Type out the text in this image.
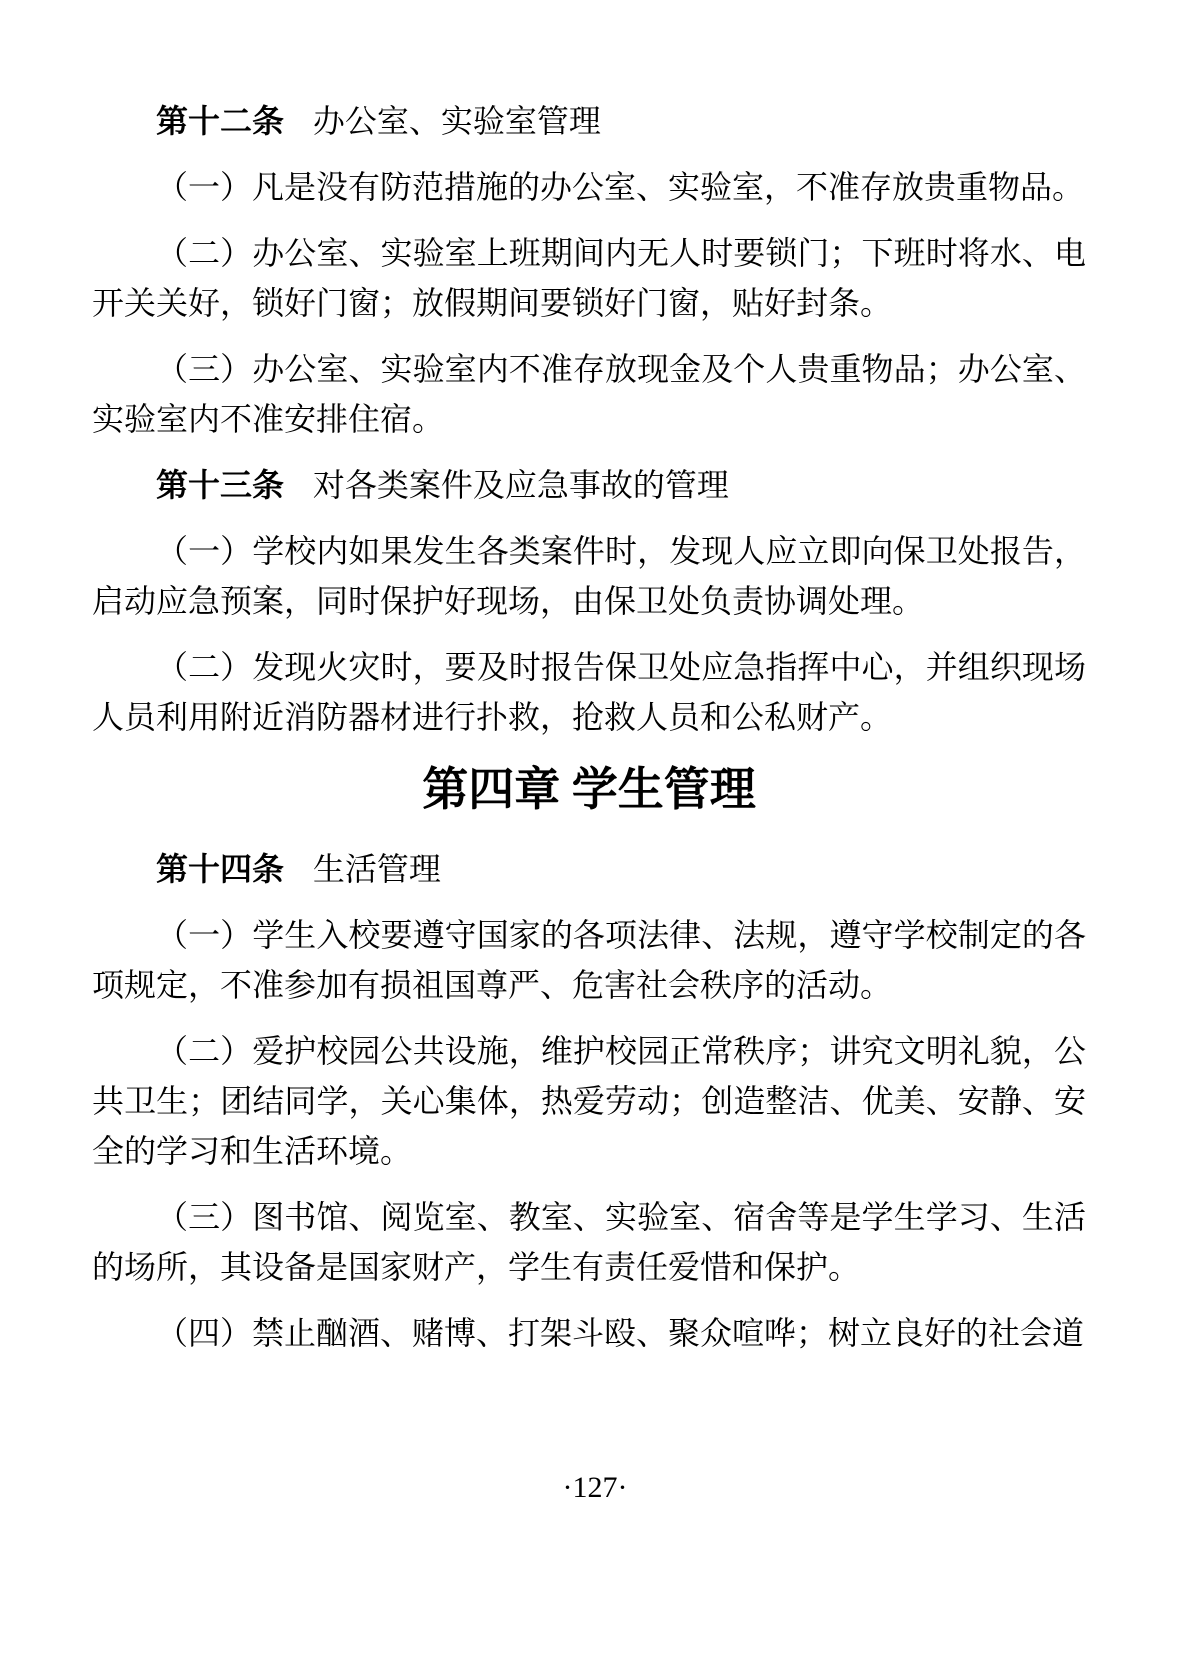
第十二条 办公室、实验室管理

（一）凡是没有防范措施的办公室、实验室，不准存放贵重物品。

（二）办公室、实验室上班期间内无人时要锁门；下班时将水、电开关关好，锁好门窗；放假期间要锁好门窗，贴好封条。

（三）办公室、实验室内不准存放现金及个人贵重物品；办公室、实验室内不准安排住宿。

第十三条 对各类案件及应急事故的管理

（一）学校内如果发生各类案件时，发现人应立即向保卫处报告，启动应急预案，同时保护好现场，由保卫处负责协调处理。

（二）发现火灾时，要及时报告保卫处应急指挥中心，并组织现场人员利用附近消防器材进行扑救，抢救人员和公私财产。

第四章 学生管理

第十四条 生活管理

（一）学生入校要遵守国家的各项法律、法规，遵守学校制定的各项规定，不准参加有损祖国尊严、危害社会秩序的活动。

（二）爱护校园公共设施，维护校园正常秩序；讲究文明礼貌，公共卫生；团结同学，关心集体，热爱劳动；创造整洁、优美、安静、安全的学习和生活环境。

（三）图书馆、阅览室、教室、实验室、宿舍等是学生学习、生活的场所，其设备是国家财产，学生有责任爱惜和保护。

（四）禁止酗酒、赌博、打架斗殴、聚众喧哗；树立良好的社会道

·127·
